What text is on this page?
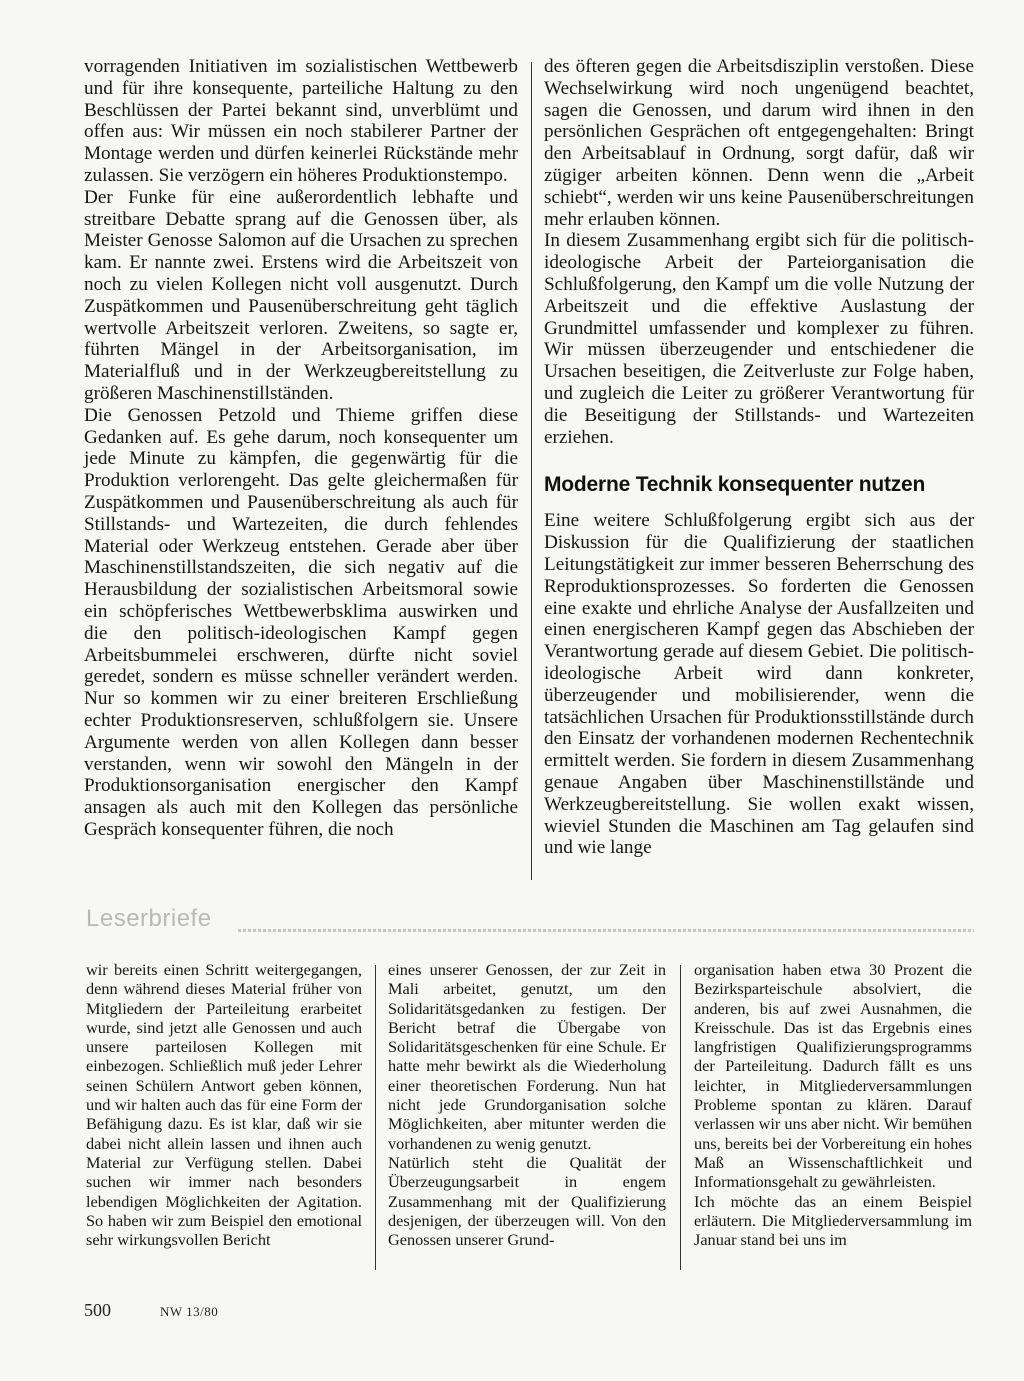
vorragenden Initiativen im sozialistischen Wettbewerb und für ihre konsequente, parteiliche Haltung zu den Beschlüssen der Partei bekannt sind, unverblümt und offen aus: Wir müssen ein noch stabilerer Partner der Montage werden und dürfen keinerlei Rückstände mehr zulassen. Sie verzögern ein höheres Produktionstempo.

Der Funke für eine außerordentlich lebhafte und streitbare Debatte sprang auf die Genossen über, als Meister Genosse Salomon auf die Ursachen zu sprechen kam. Er nannte zwei. Erstens wird die Arbeitszeit von noch zu vielen Kollegen nicht voll ausgenutzt. Durch Zuspätkommen und Pausenüberschreitung geht täglich wertvolle Arbeitszeit verloren. Zweitens, so sagte er, führten Mängel in der Arbeitsorganisation, im Materialfluß und in der Werkzeugbereitstellung zu größeren Maschinenstillständen.

Die Genossen Petzold und Thieme griffen diese Gedanken auf. Es gehe darum, noch konsequenter um jede Minute zu kämpfen, die gegenwärtig für die Produktion verlorengeht. Das gelte gleichermaßen für Zuspätkommen und Pausenüberschreitung als auch für Stillstands- und Wartezeiten, die durch fehlendes Material oder Werkzeug entstehen. Gerade aber über Maschinenstillstandszeiten, die sich negativ auf die Herausbildung der sozialistischen Arbeitsmoral sowie ein schöpferisches Wettbewerbsklima auswirken und die den politisch-ideologischen Kampf gegen Arbeitsbummelei erschweren, dürfte nicht soviel geredet, sondern es müsse schneller verändert werden. Nur so kommen wir zu einer breiteren Erschließung echter Produktionsreserven, schlußfolgern sie. Unsere Argumente werden von allen Kollegen dann besser verstanden, wenn wir sowohl den Mängeln in der Produktionsorganisation energischer den Kampf ansagen als auch mit den Kollegen das persönliche Gespräch konsequenter führen, die noch

des öfteren gegen die Arbeitsdisziplin verstoßen. Diese Wechselwirkung wird noch ungenügend beachtet, sagen die Genossen, und darum wird ihnen in den persönlichen Gesprächen oft entgegengehalten: Bringt den Arbeitsablauf in Ordnung, sorgt dafür, daß wir zügiger arbeiten können. Denn wenn die „Arbeit schiebt“, werden wir uns keine Pausenüberschreitungen mehr erlauben können.

In diesem Zusammenhang ergibt sich für die politisch-ideologische Arbeit der Parteiorganisation die Schlußfolgerung, den Kampf um die volle Nutzung der Arbeitszeit und die effektive Auslastung der Grundmittel umfassender und komplexer zu führen. Wir müssen überzeugender und entschiedener die Ursachen beseitigen, die Zeitverluste zur Folge haben, und zugleich die Leiter zu größerer Verantwortung für die Beseitigung der Stillstands- und Wartezeiten erziehen.

Moderne Technik konsequenter nutzen

Eine weitere Schlußfolgerung ergibt sich aus der Diskussion für die Qualifizierung der staatlichen Leitungstätigkeit zur immer besseren Beherrschung des Reproduktionsprozesses. So forderten die Genossen eine exakte und ehrliche Analyse der Ausfallzeiten und einen energischeren Kampf gegen das Abschieben der Verantwortung gerade auf diesem Gebiet. Die politisch-ideologische Arbeit wird dann konkreter, überzeugender und mobilisierender, wenn die tatsächlichen Ursachen für Produktionsstillstände durch den Einsatz der vorhandenen modernen Rechentechnik ermittelt werden. Sie fordern in diesem Zusammenhang genaue Angaben über Maschinenstillstände und Werkzeugbereitstellung. Sie wollen exakt wissen, wieviel Stunden die Maschinen am Tag gelaufen sind und wie lange

Leserbriefe

wir bereits einen Schritt weitergegangen, denn während dieses Material früher von Mitgliedern der Parteileitung erarbeitet wurde, sind jetzt alle Genossen und auch unsere parteilosen Kollegen mit einbezogen. Schließlich muß jeder Lehrer seinen Schülern Antwort geben können, und wir halten auch das für eine Form der Befähigung dazu. Es ist klar, daß wir sie dabei nicht allein lassen und ihnen auch Material zur Verfügung stellen. Dabei suchen wir immer nach besonders lebendigen Möglichkeiten der Agitation. So haben wir zum Beispiel den emotional sehr wirkungsvollen Bericht

eines unserer Genossen, der zur Zeit in Mali arbeitet, genutzt, um den Solidaritätsgedanken zu festigen. Der Bericht betraf die Übergabe von Solidaritätsgeschenken für eine Schule. Er hatte mehr bewirkt als die Wiederholung einer theoretischen Forderung. Nun hat nicht jede Grundorganisation solche Möglichkeiten, aber mitunter werden die vorhandenen zu wenig genutzt.

Natürlich steht die Qualität der Überzeugungsarbeit in engem Zusammenhang mit der Qualifizierung desjenigen, der überzeugen will. Von den Genossen unserer Grund-

organisation haben etwa 30 Prozent die Bezirksparteischule absolviert, die anderen, bis auf zwei Ausnahmen, die Kreisschule. Das ist das Ergebnis eines langfristigen Qualifizierungsprogramms der Parteileitung. Dadurch fällt es uns leichter, in Mitgliederversammlungen Probleme spontan zu klären. Darauf verlassen wir uns aber nicht. Wir bemühen uns, bereits bei der Vorbereitung ein hohes Maß an Wissenschaftlichkeit und Informationsgehalt zu gewährleisten.

Ich möchte das an einem Beispiel erläutern. Die Mitgliederversammlung im Januar stand bei uns im

500	NW 13/80
